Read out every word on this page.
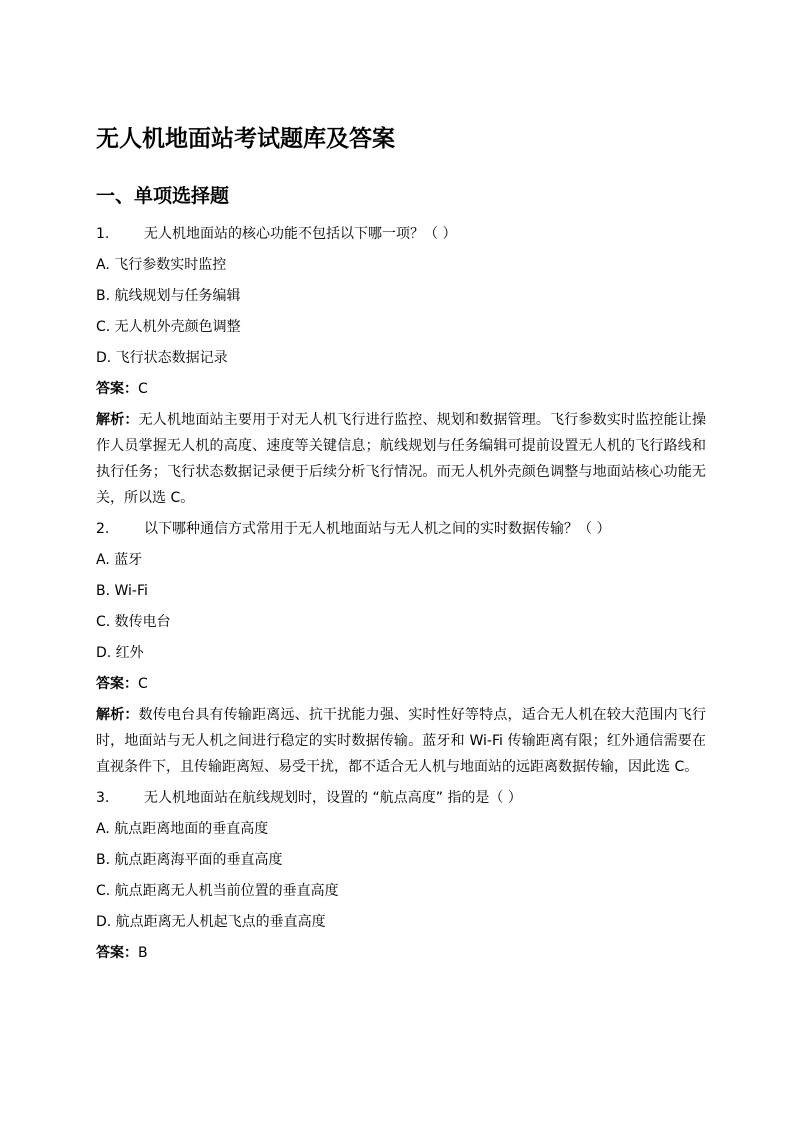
无人机地面站考试题库及答案
一、单项选择题

1. 无人机地面站的核心功能不包括以下哪一项？（ ）

A. 飞行参数实时监控

B. 航线规划与任务编辑

C. 无人机外壳颜色调整

D. 飞行状态数据记录

答案：C

解析：无人机地面站主要用于对无人机飞行进行监控、规划和数据管理。飞行参数实时监控能让操作人员掌握无人机的高度、速度等关键信息；航线规划与任务编辑可提前设置无人机的飞行路线和执行任务；飞行状态数据记录便于后续分析飞行情况。而无人机外壳颜色调整与地面站核心功能无关，所以选 C。

2. 以下哪种通信方式常用于无人机地面站与无人机之间的实时数据传输？（ ）

A. 蓝牙

B. Wi-Fi

C. 数传电台

D. 红外

答案：C

解析：数传电台具有传输距离远、抗干扰能力强、实时性好等特点，适合无人机在较大范围内飞行时，地面站与无人机之间进行稳定的实时数据传输。蓝牙和 Wi-Fi 传输距离有限；红外通信需要在直视条件下，且传输距离短、易受干扰，都不适合无人机与地面站的远距离数据传输，因此选 C。

3. 无人机地面站在航线规划时，设置的 “航点高度” 指的是（ ）

A. 航点距离地面的垂直高度

B. 航点距离海平面的垂直高度

C. 航点距离无人机当前位置的垂直高度

D. 航点距离无人机起飞点的垂直高度

答案：B
